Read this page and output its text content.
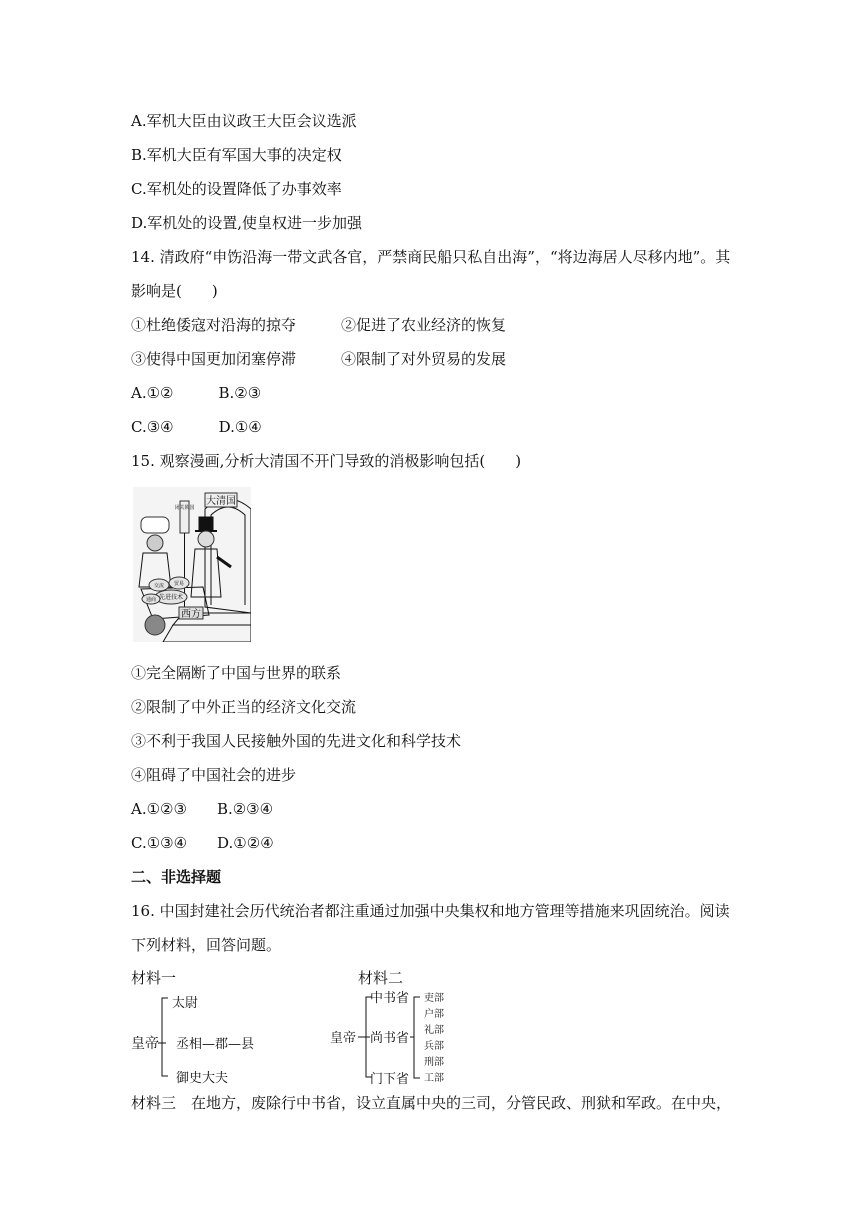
A.军机大臣由议政王大臣会议选派
B.军机大臣有军国大事的决定权
C.军机处的设置降低了办事效率
D.军机处的设置,使皇权进一步加强
14. 清政府“申饬沿海一带文武各官，严禁商民船只私自出海”，“将边海居人尽移内地”。其
影响是(　　)
①杜绝倭寇对沿海的掠夺　　　②促进了农业经济的恢复
③使得中国更加闭塞停滞　　　④限制了对外贸易的发展
A.①②　　　B.②③
C.③④　　　D.①④
15. 观察漫画,分析大清国不开门导致的消极影响包括(　　)
大清国
闭关锁国
交流 贸易
先进技术
通商
西方
①完全隔断了中国与世界的联系
②限制了中外正当的经济文化交流
③不利于我国人民接触外国的先进文化和科学技术
④阻碍了中国社会的进步
A.①②③　　B.②③④
C.①③④　　D.①②④
二、非选择题
16. 中国封建社会历代统治者都注重通过加强中央集权和地方管理等措施来巩固统治。阅读
下列材料，回答问题。
材料一
皇帝
太尉
丞相—郡—县
御史大夫
材料二
皇帝
中书省
尚书省
门下省
吏部
户部
礼部
兵部
刑部
工部
材料三　在地方，废除行中书省，设立直属中央的三司，分管民政、刑狱和军政。在中央，
